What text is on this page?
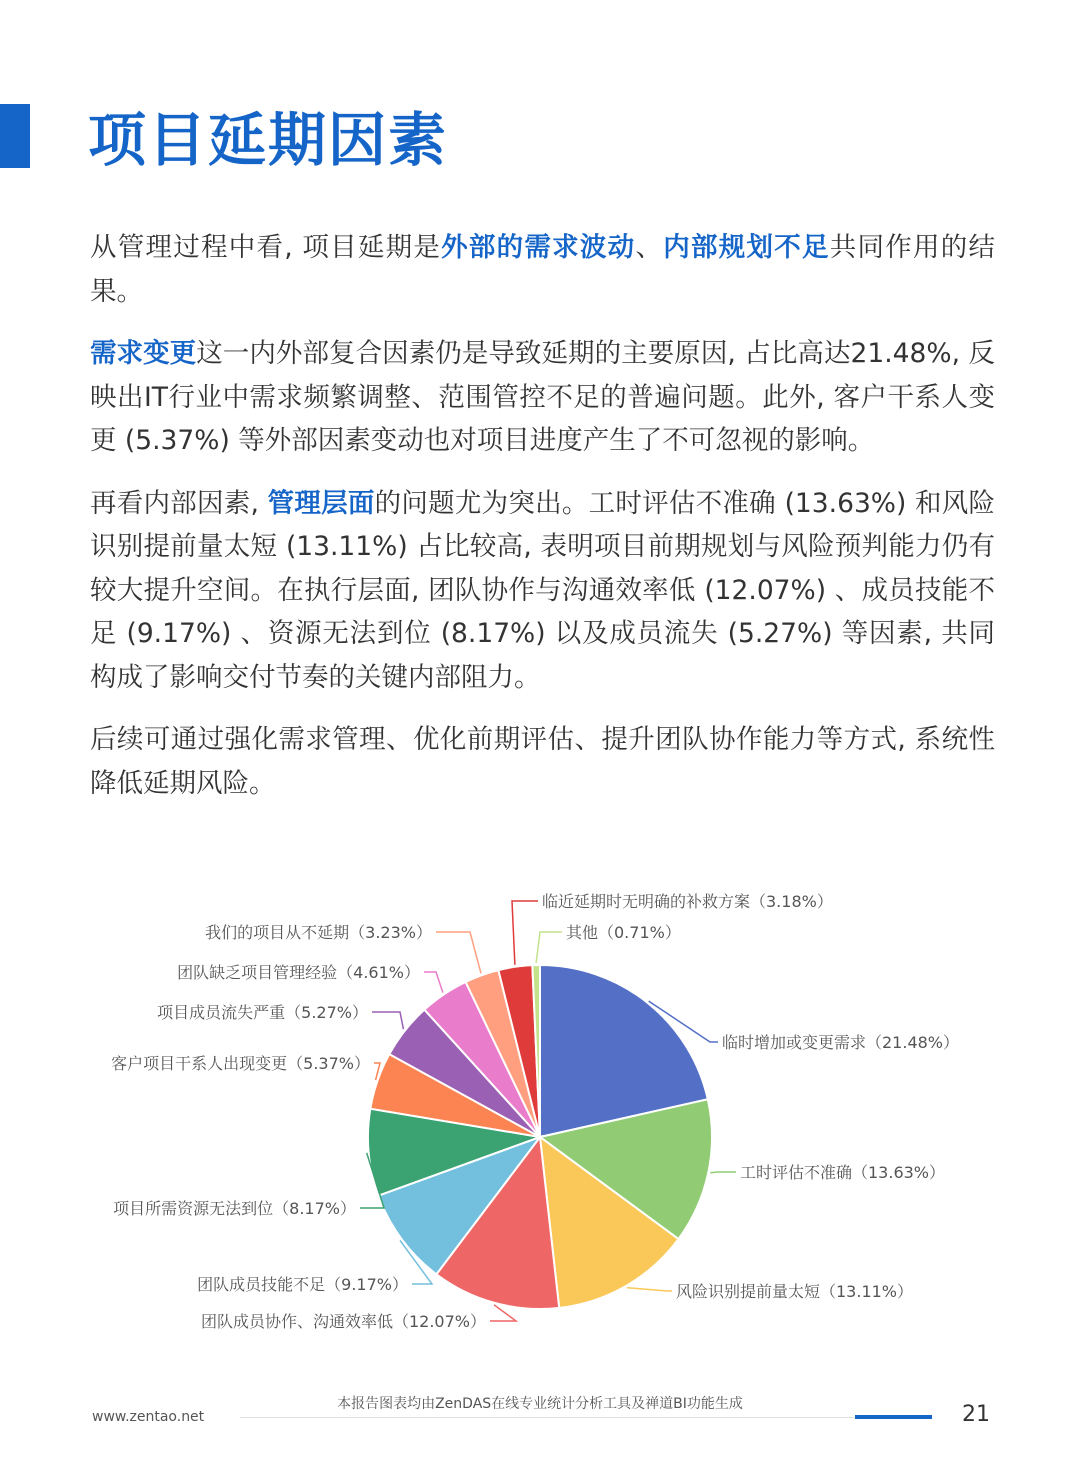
项目延期因素

从管理过程中看, 项目延期是外部的需求波动、内部规划不足共同作用的结果。

需求变更这一内外部复合因素仍是导致延期的主要原因, 占比高达21.48%, 反映出IT行业中需求频繁调整、范围管控不足的普遍问题。此外, 客户干系人变更 (5.37%) 等外部因素变动也对项目进度产生了不可忽视的影响。

再看内部因素, 管理层面的问题尤为突出。工时评估不准确 (13.63%) 和风险识别提前量太短 (13.11%) 占比较高, 表明项目前期规划与风险预判能力仍有较大提升空间。在执行层面, 团队协作与沟通效率低 (12.07%) 、成员技能不足 (9.17%) 、资源无法到位 (8.17%) 以及成员流失 (5.27%) 等因素, 共同构成了影响交付节奏的关键内部阻力。

后续可通过强化需求管理、优化前期评估、提升团队协作能力等方式, 系统性降低延期风险。

临时增加或变更需求（21.48%）
工时评估不准确（13.63%）
风险识别提前量太短（13.11%）
团队成员协作、沟通效率低（12.07%）
团队成员技能不足（9.17%）
项目所需资源无法到位（8.17%）
客户项目干系人出现变更（5.37%）
项目成员流失严重（5.27%）
团队缺乏项目管理经验（4.61%）
我们的项目从不延期（3.23%）
临近延期时无明确的补救方案（3.18%）
其他（0.71%）
本报告图表均由ZenDAS在线专业统计分析工具及禅道BI功能生成
www.zentao.net	21
